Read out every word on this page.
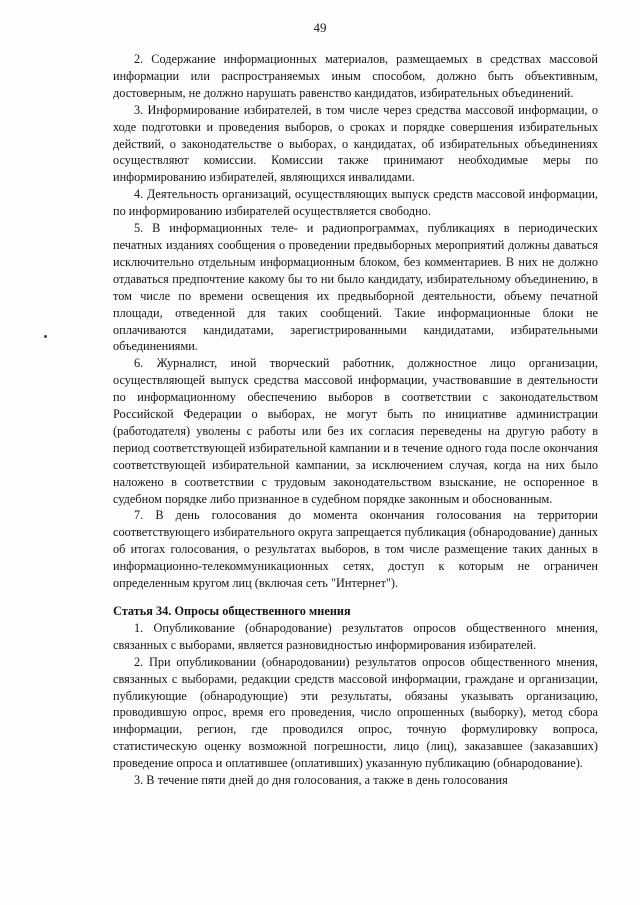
49

2. Содержание информационных материалов, размещаемых в средствах массовой информации или распространяемых иным способом, должно быть объективным, достоверным, не должно нарушать равенство кандидатов, избирательных объединений.

3. Информирование избирателей, в том числе через средства массовой информации, о ходе подготовки и проведения выборов, о сроках и порядке совершения избирательных действий, о законодательстве о выборах, о кандидатах, об избирательных объединениях осуществляют комиссии. Комиссии также принимают необходимые меры по информированию избирателей, являющихся инвалидами.

4. Деятельность организаций, осуществляющих выпуск средств массовой информации, по информированию избирателей осуществляется свободно.

5. В информационных теле- и радиопрограммах, публикациях в периодических печатных изданиях сообщения о проведении предвыборных мероприятий должны даваться исключительно отдельным информационным блоком, без комментариев. В них не должно отдаваться предпочтение какому бы то ни было кандидату, избирательному объединению, в том числе по времени освещения их предвыборной деятельности, объему печатной площади, отведенной для таких сообщений. Такие информационные блоки не оплачиваются кандидатами, зарегистрированными кандидатами, избирательными объединениями.

6. Журналист, иной творческий работник, должностное лицо организации, осуществляющей выпуск средства массовой информации, участвовавшие в деятельности по информационному обеспечению выборов в соответствии с законодательством Российской Федерации о выборах, не могут быть по инициативе администрации (работодателя) уволены с работы или без их согласия переведены на другую работу в период соответствующей избирательной кампании и в течение одного года после окончания соответствующей избирательной кампании, за исключением случая, когда на них было наложено в соответствии с трудовым законодательством взыскание, не оспоренное в судебном порядке либо признанное в судебном порядке законным и обоснованным.

7. В день голосования до момента окончания голосования на территории соответствующего избирательного округа запрещается публикация (обнародование) данных об итогах голосования, о результатах выборов, в том числе размещение таких данных в информационно-телекоммуникационных сетях, доступ к которым не ограничен определенным кругом лиц (включая сеть "Интернет").

Статья 34. Опросы общественного мнения

1. Опубликование (обнародование) результатов опросов общественного мнения, связанных с выборами, является разновидностью информирования избирателей.

2. При опубликовании (обнародовании) результатов опросов общественного мнения, связанных с выборами, редакции средств массовой информации, граждане и организации, публикующие (обнародующие) эти результаты, обязаны указывать организацию, проводившую опрос, время его проведения, число опрошенных (выборку), метод сбора информации, регион, где проводился опрос, точную формулировку вопроса, статистическую оценку возможной погрешности, лицо (лиц), заказавшее (заказавших) проведение опроса и оплатившее (оплативших) указанную публикацию (обнародование).

3. В течение пяти дней до дня голосования, а также в день голосования
